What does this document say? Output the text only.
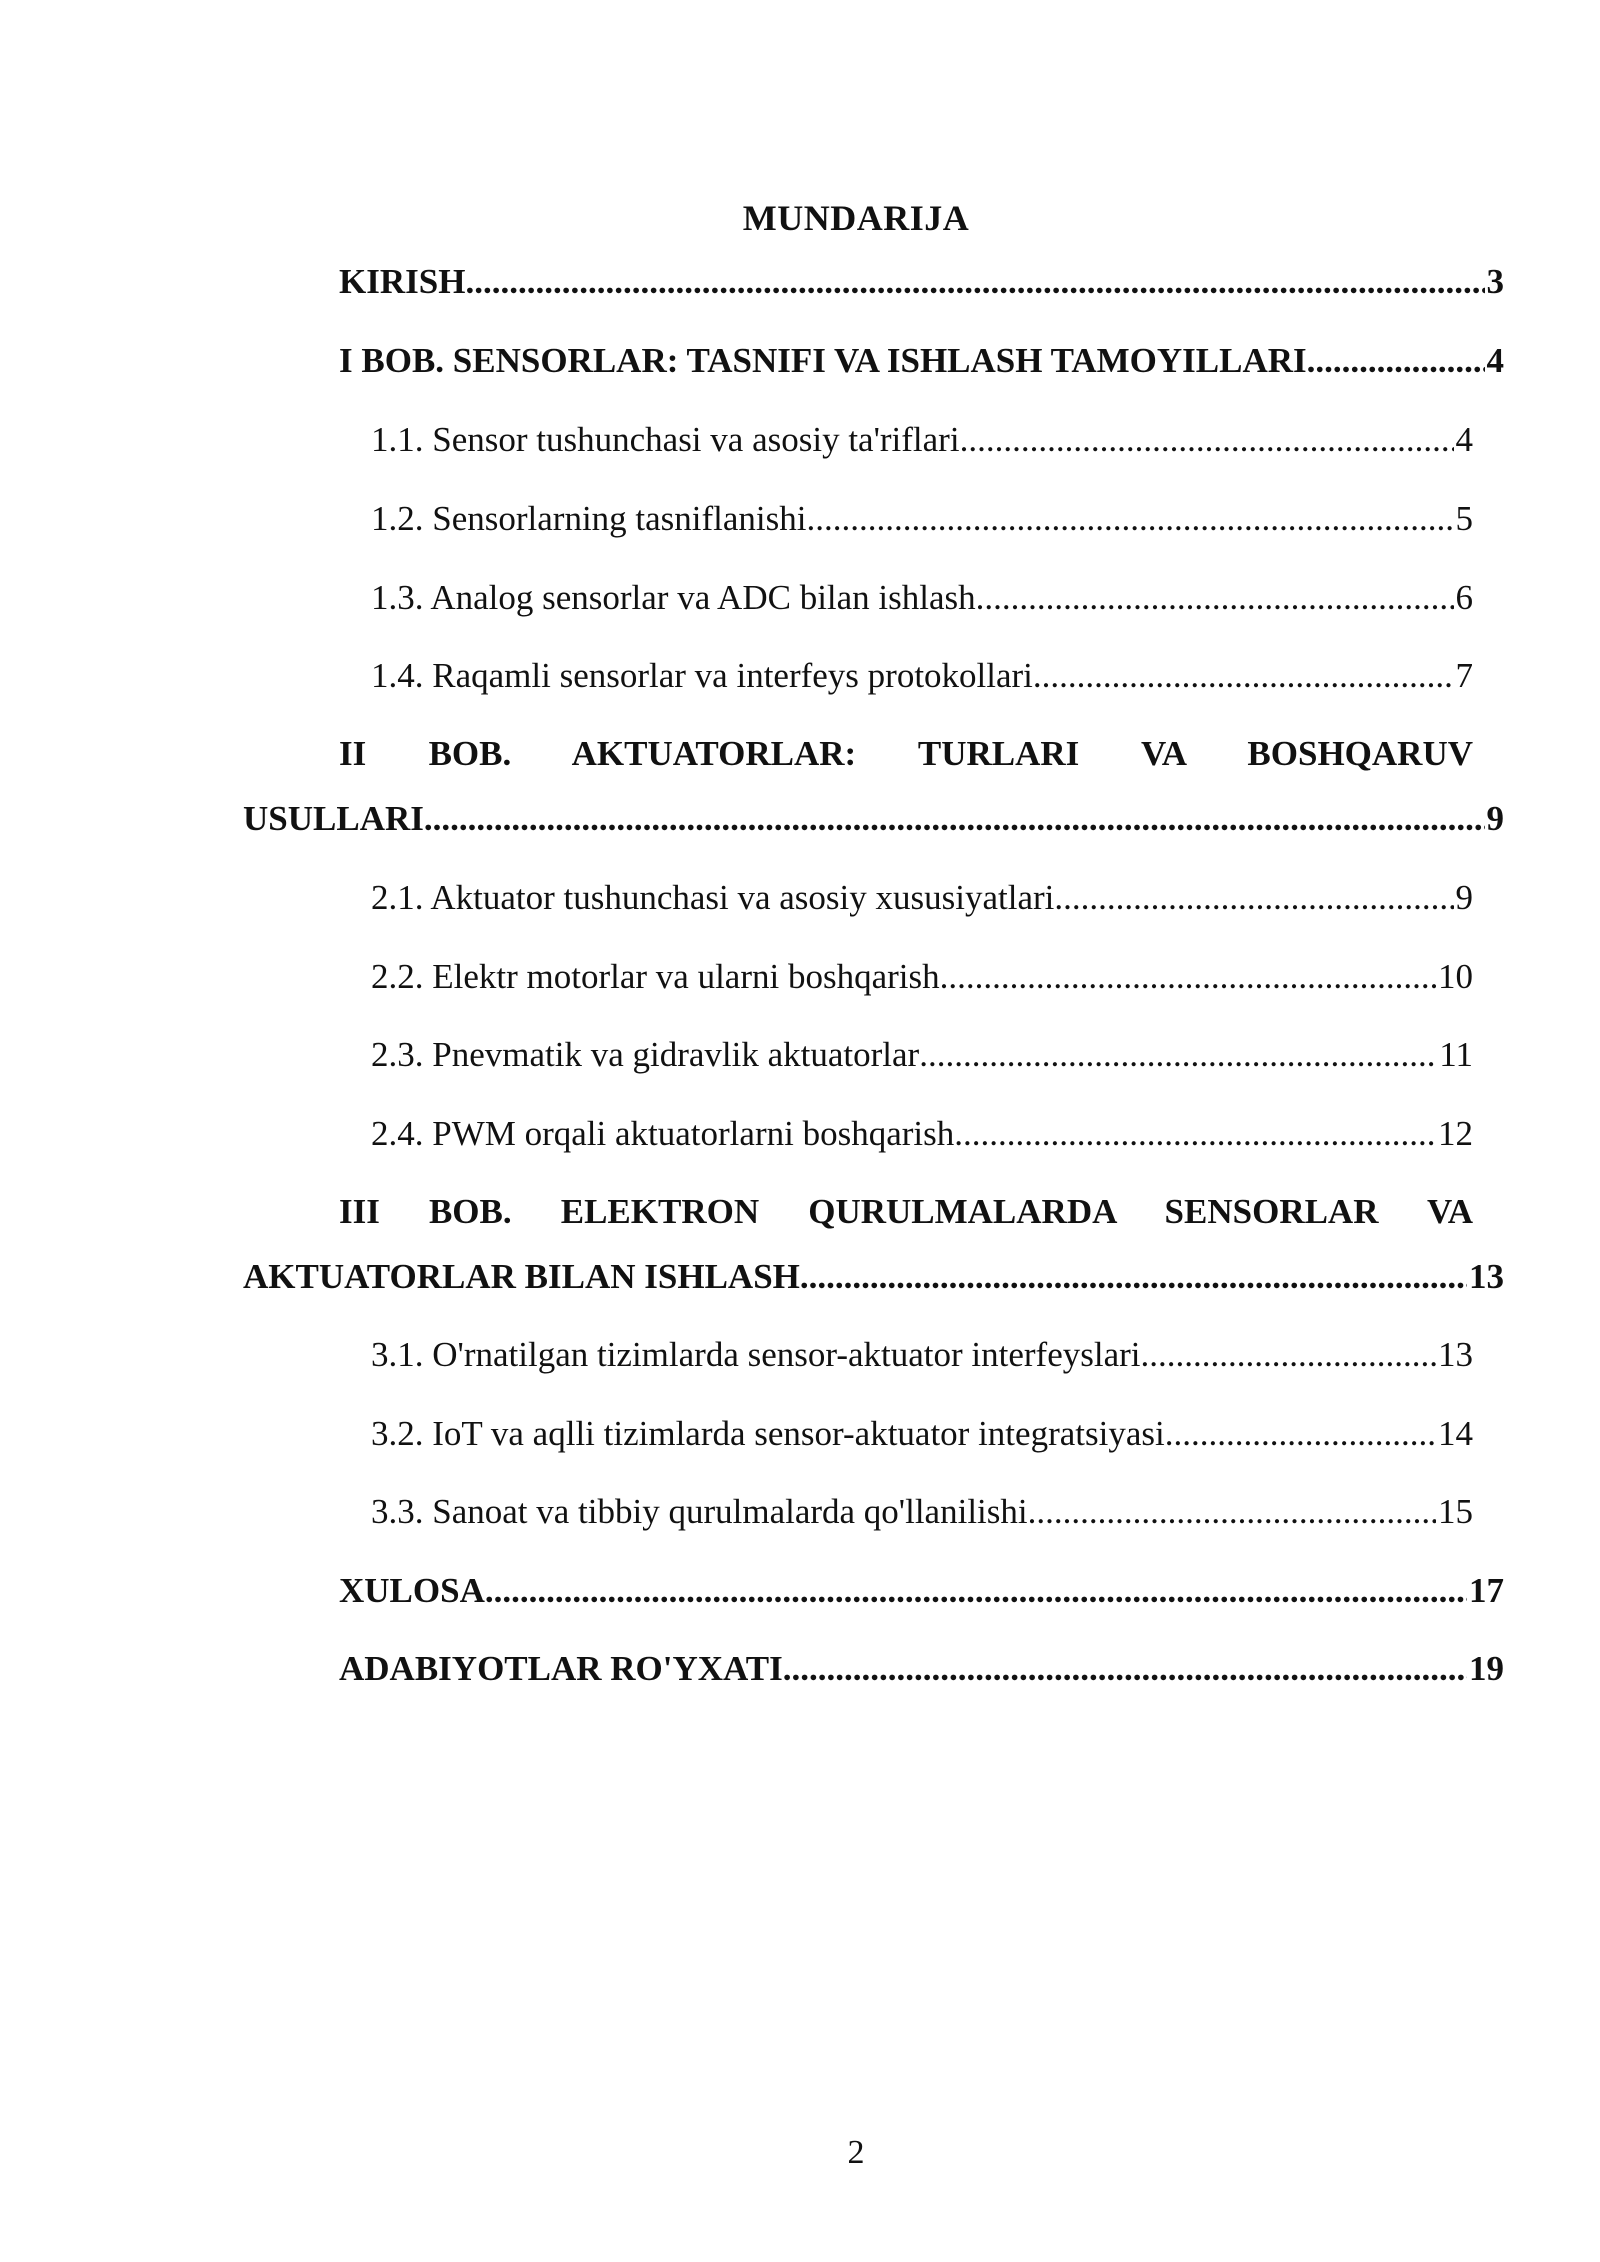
MUNDARIJA
KIRISH .....	3
I BOB. SENSORLAR: TASNIFI VA ISHLASH TAMOYILLARI .....	4
1.1. Sensor tushunchasi va asosiy ta'riflari .....	4
1.2. Sensorlarning tasniflanishi .....	5
1.3. Analog sensorlar va ADC bilan ishlash .....	6
1.4. Raqamli sensorlar va interfeys protokollari .....	7
II BOB. AKTUATORLAR: TURLARI VA BOSHQARUV
USULLARI .....	9
2.1. Aktuator tushunchasi va asosiy xususiyatlari .....	9
2.2. Elektr motorlar va ularni boshqarish .....	10
2.3. Pnevmatik va gidravlik aktuatorlar .....	11
2.4. PWM orqali aktuatorlarni boshqarish .....	12
III BOB. ELEKTRON QURULMALARDA SENSORLAR VA
AKTUATORLAR BILAN ISHLASH .....	13
3.1. O'rnatilgan tizimlarda sensor-aktuator interfeyslari .....	13
3.2. IoT va aqlli tizimlarda sensor-aktuator integratsiyasi .....	14
3.3. Sanoat va tibbiy qurulmalarda qo'llanilishi .....	15
XULOSA .....	17
ADABIYOTLAR RO'YXATI .....	19
2
